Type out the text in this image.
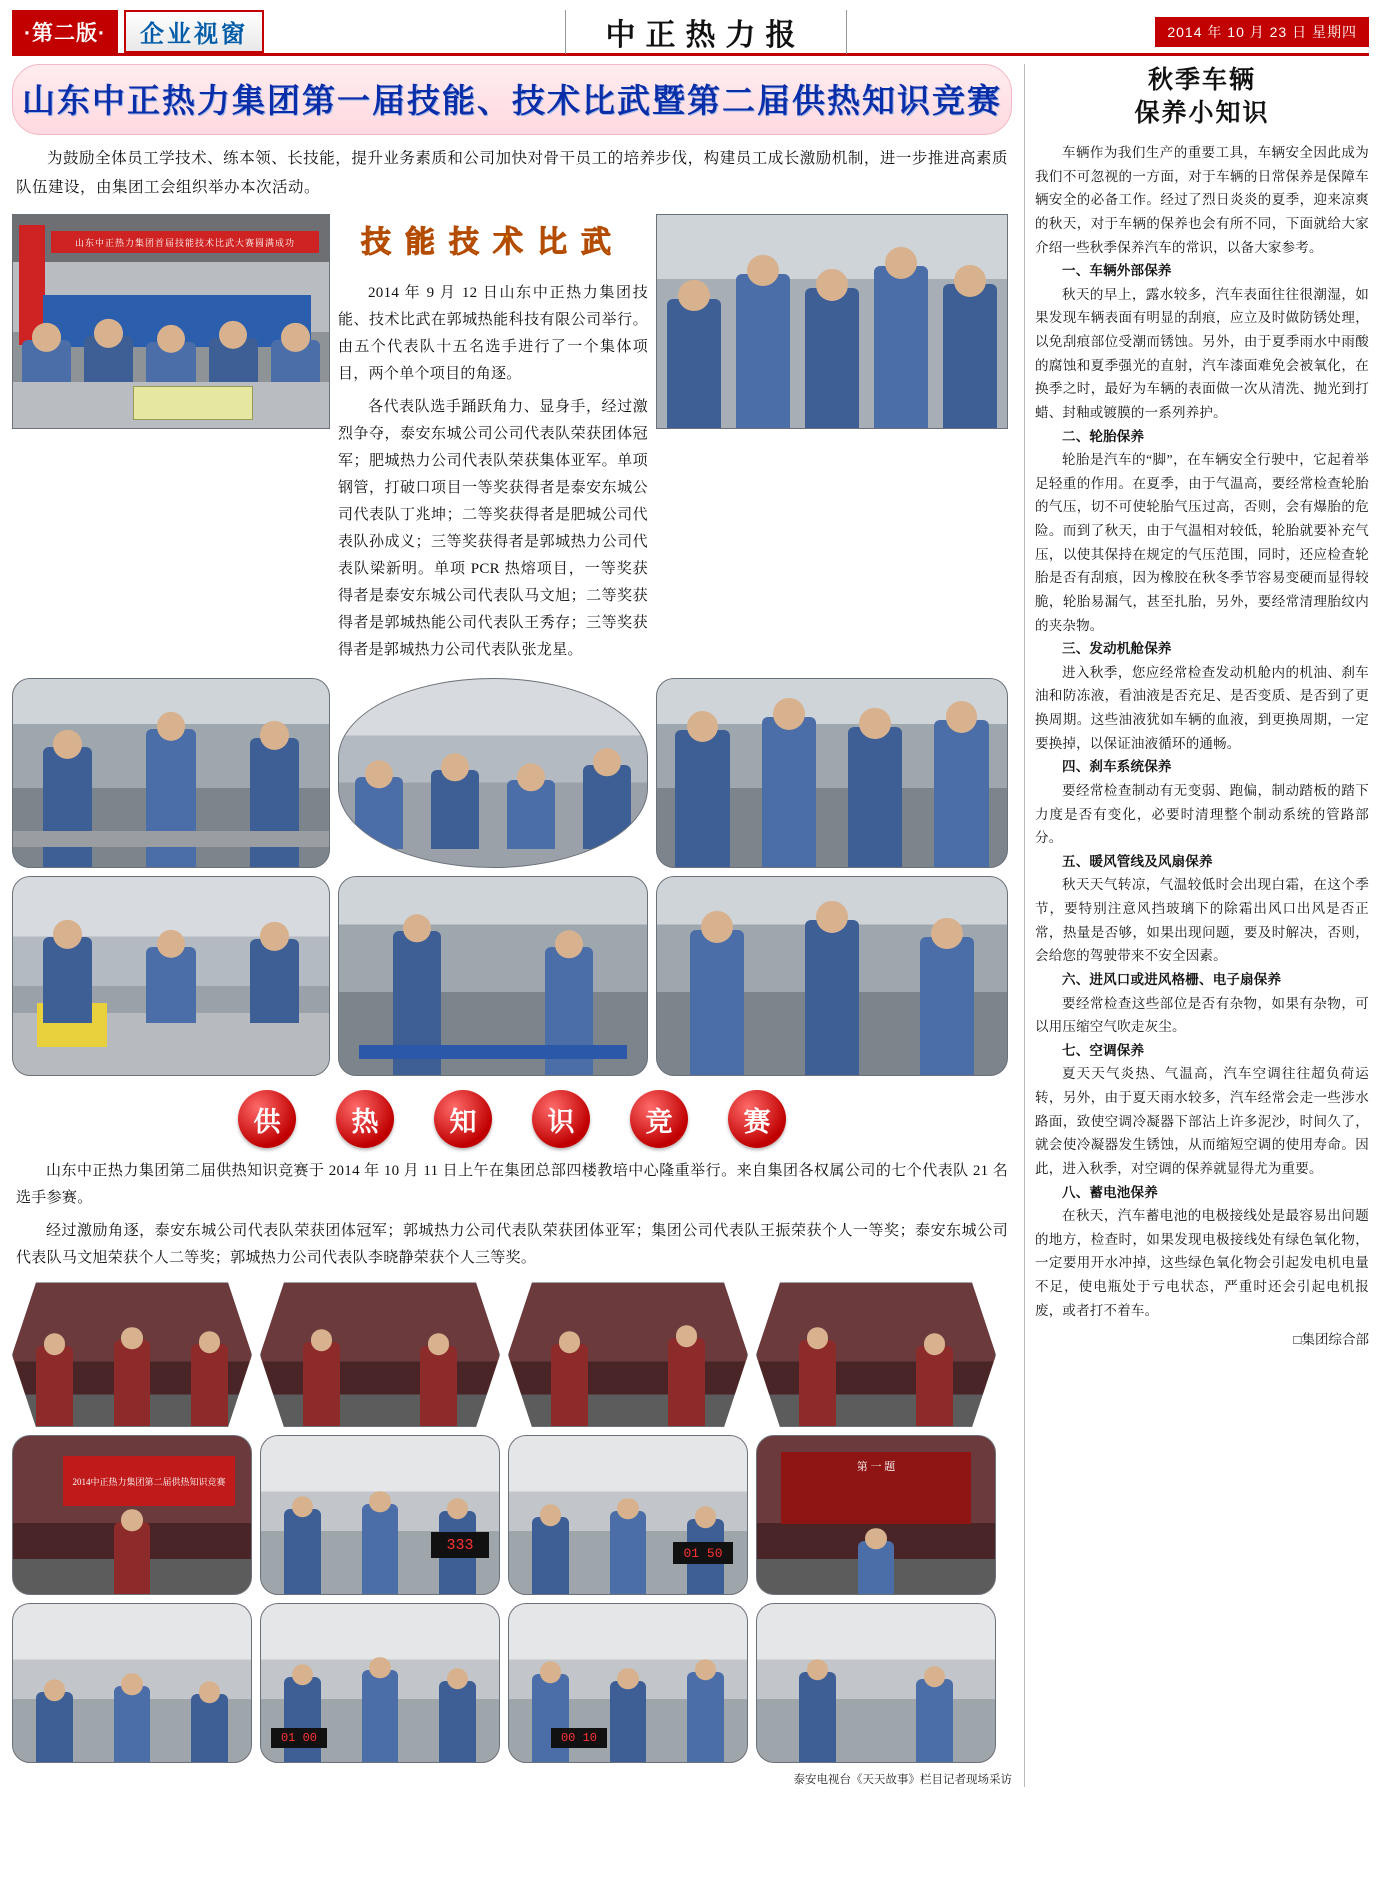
·第二版·	企业视窗	中正热力报	2014 年 10 月 23 日 星期四
山东中正热力集团第一届技能、技术比武暨第二届供热知识竞赛
为鼓励全体员工学技术、练本领、长技能，提升业务素质和公司加快对骨干员工的培养步伐，构建员工成长激励机制，进一步推进高素质队伍建设，由集团工会组织举办本次活动。
山东中正热力集团首届技能技术比武大赛圆满成功	技能技术比武

2014 年 9 月 12 日山东中正热力集团技能、技术比武在郭城热能科技有限公司举行。由五个代表队十五名选手进行了一个集体项目，两个单个项目的角逐。

各代表队选手踊跃角力、显身手，经过激烈争夺，泰安东城公司公司代表队荣获团体冠军；肥城热力公司代表队荣获集体亚军。单项钢管，打破口项目一等奖获得者是泰安东城公司代表队丁兆坤；二等奖获得者是肥城公司代表队孙成义；三等奖获得者是郭城热力公司代表队梁新明。单项 PCR 热熔项目，一等奖获得者是泰安东城公司代表队马文旭；二等奖获得者是郭城热能公司代表队王秀存；三等奖获得者是郭城热力公司代表队张龙星。

供	热	知	识	竞	赛

山东中正热力集团第二届供热知识竞赛于 2014 年 10 月 11 日上午在集团总部四楼教培中心隆重举行。来自集团各权属公司的七个代表队 21 名选手参赛。

经过激励角逐，泰安东城公司代表队荣获团体冠军；郭城热力公司代表队荣获团体亚军；集团公司代表队王振荣获个人一等奖；泰安东城公司代表队马文旭荣获个人二等奖；郭城热力公司代表队李晓静荣获个人三等奖。

2014中正热力集团第二届供热知识竞赛
333	01 50
第 一 题
01 00	00 10
泰安电视台《天天故事》栏目记者现场采访
秋季车辆
保养小知识

车辆作为我们生产的重要工具，车辆安全因此成为我们不可忽视的一方面，对于车辆的日常保养是保障车辆安全的必备工作。经过了烈日炎炎的夏季，迎来凉爽的秋天，对于车辆的保养也会有所不同，下面就给大家介绍一些秋季保养汽车的常识，以备大家参考。

一、车辆外部保养

秋天的早上，露水较多，汽车表面往往很潮湿，如果发现车辆表面有明显的刮痕，应立及时做防锈处理，以免刮痕部位受潮而锈蚀。另外，由于夏季雨水中雨酸的腐蚀和夏季强光的直射，汽车漆面难免会被氧化，在换季之时，最好为车辆的表面做一次从清洗、抛光到打蜡、封釉或镀膜的一系列养护。

二、轮胎保养

轮胎是汽车的“脚”，在车辆安全行驶中，它起着举足轻重的作用。在夏季，由于气温高，要经常检查轮胎的气压，切不可使轮胎气压过高，否则，会有爆胎的危险。而到了秋天，由于气温相对较低，轮胎就要补充气压，以使其保持在规定的气压范围，同时，还应检查轮胎是否有刮痕，因为橡胶在秋冬季节容易变硬而显得较脆，轮胎易漏气，甚至扎胎，另外，要经常清理胎纹内的夹杂物。

三、发动机舱保养

进入秋季，您应经常检查发动机舱内的机油、刹车油和防冻液，看油液是否充足、是否变质、是否到了更换周期。这些油液犹如车辆的血液，到更换周期，一定要换掉，以保证油液循环的通畅。

四、刹车系统保养

要经常检查制动有无变弱、跑偏，制动踏板的踏下力度是否有变化，必要时清理整个制动系统的管路部分。

五、暖风管线及风扇保养

秋天天气转凉，气温较低时会出现白霜，在这个季节，要特别注意风挡玻璃下的除霜出风口出风是否正常，热量是否够，如果出现问题，要及时解决，否则，会给您的驾驶带来不安全因素。

六、进风口或进风格栅、电子扇保养

要经常检查这些部位是否有杂物，如果有杂物，可以用压缩空气吹走灰尘。

七、空调保养

夏天天气炎热、气温高，汽车空调往往超负荷运转，另外，由于夏天雨水较多，汽车经常会走一些涉水路面，致使空调冷凝器下部沾上许多泥沙，时间久了，就会使冷凝器发生锈蚀，从而缩短空调的使用寿命。因此，进入秋季，对空调的保养就显得尤为重要。

八、蓄电池保养

在秋天，汽车蓄电池的电极接线处是最容易出问题的地方，检查时，如果发现电极接线处有绿色氧化物，一定要用开水冲掉，这些绿色氧化物会引起发电机电量不足，使电瓶处于亏电状态，严重时还会引起电机报废，或者打不着车。

□集团综合部
